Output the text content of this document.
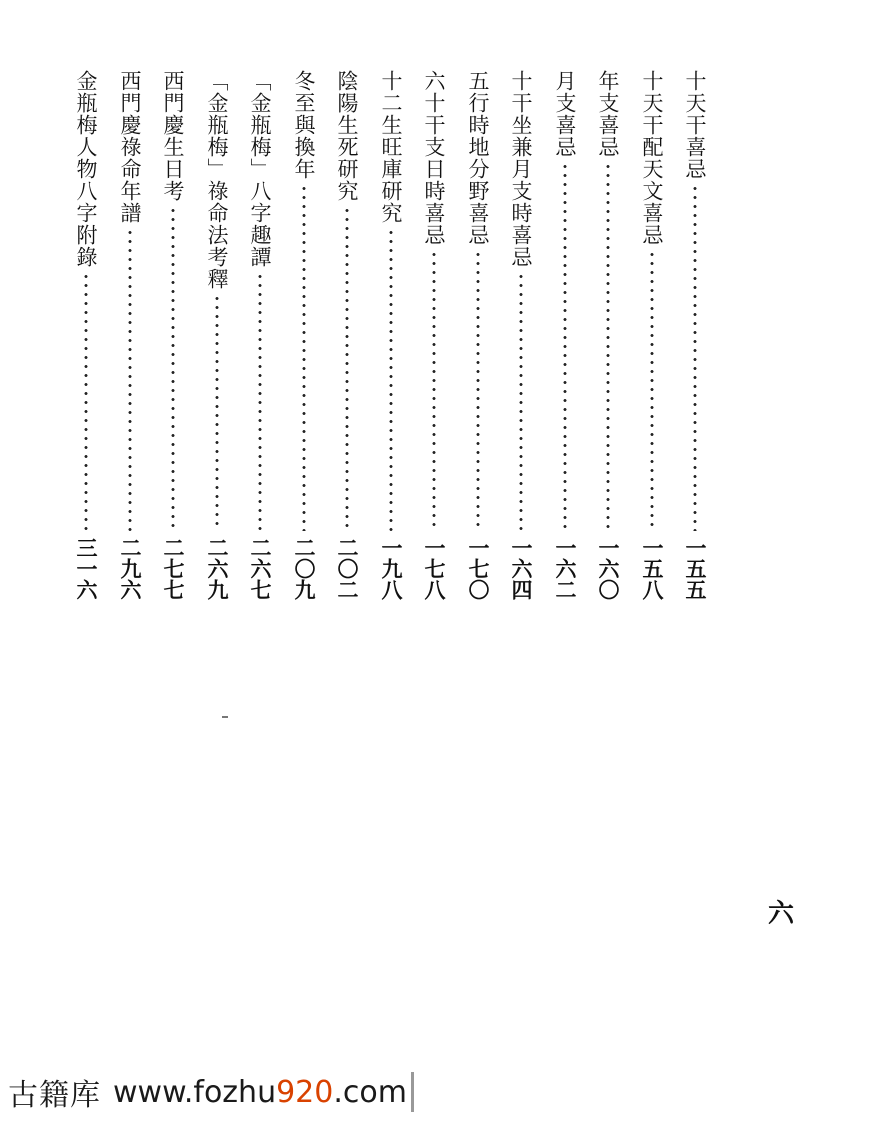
十天干喜忌
一五五
十天干配天文喜忌
一五八
年支喜忌
一六〇
月支喜忌
一六二
十干坐兼月支時喜忌
一六四
五行時地分野喜忌
一七〇
六十干支日時喜忌
一七八
十二生旺庫研究
一九八
陰陽生死研究
二〇二
冬至與換年
二〇九
「金瓶梅」八字趣譚
二六七
「金瓶梅」祿命法考釋
二六九
西門慶生日考
二七七
西門慶祿命年譜
二九六
金瓶梅人物八字附錄
三一六
六
古籍库 www.fozhu 920 .com
